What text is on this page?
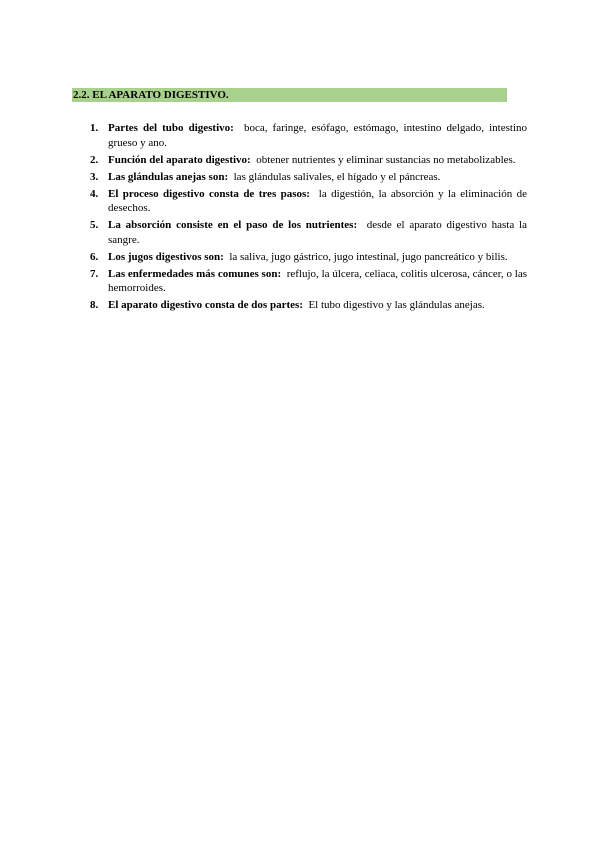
2.2. EL APARATO DIGESTIVO.
1. Partes del tubo digestivo: boca, faringe, esófago, estómago, intestino delgado, intestino grueso y ano.
2. Función del aparato digestivo: obtener nutrientes y eliminar sustancias no metabolizables.
3. Las glándulas anejas son: las glándulas salivales, el hígado y el páncreas.
4. El proceso digestivo consta de tres pasos: la digestión, la absorción y la eliminación de desechos.
5. La absorción consiste en el paso de los nutrientes: desde el aparato digestivo hasta la sangre.
6. Los jugos digestivos son: la saliva, jugo gástrico, jugo intestinal, jugo pancreático y bilis.
7. Las enfermedades más comunes son: reflujo, la úlcera, celiaca, colitis ulcerosa, cáncer, o las hemorroides.
8. El aparato digestivo consta de dos partes: El tubo digestivo y las glándulas anejas.
